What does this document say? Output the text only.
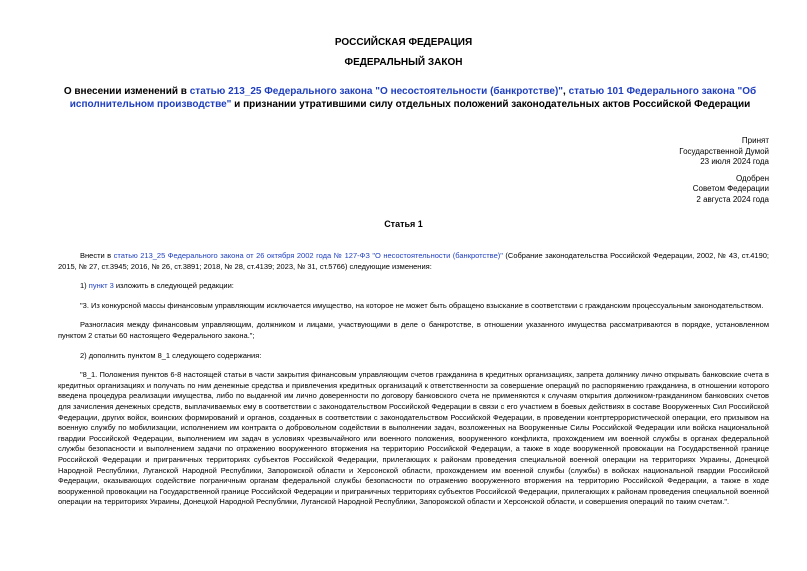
РОССИЙСКАЯ ФЕДЕРАЦИЯ
ФЕДЕРАЛЬНЫЙ ЗАКОН
О внесении изменений в статью 213_25 Федерального закона "О несостоятельности (банкротстве)", статью 101 Федерального закона "Об исполнительном производстве" и признании утратившими силу отдельных положений законодательных актов Российской Федерации
Принят
Государственной Думой
23 июля 2024 года
Одобрен
Советом Федерации
2 августа 2024 года
Статья 1

Внести в статью 213_25 Федерального закона от 26 октября 2002 года № 127-ФЗ "О несостоятельности (банкротстве)" (Собрание законодательства Российской Федерации, 2002, № 43, ст.4190; 2015, № 27, ст.3945; 2016, № 26, ст.3891; 2018, № 28, ст.4139; 2023, № 31, ст.5766) следующие изменения:

1) пункт 3 изложить в следующей редакции:

"3. Из конкурсной массы финансовым управляющим исключается имущество, на которое не может быть обращено взыскание в соответствии с гражданским процессуальным законодательством.

Разногласия между финансовым управляющим, должником и лицами, участвующими в деле о банкротстве, в отношении указанного имущества рассматриваются в порядке, установленном пунктом 2 статьи 60 настоящего Федерального закона.";

2) дополнить пунктом 8_1 следующего содержания:

"8_1. Положения пунктов 6-8 настоящей статьи в части закрытия финансовым управляющим счетов гражданина в кредитных организациях, запрета должнику лично открывать банковские счета в кредитных организациях и получать по ним денежные средства и привлечения кредитных организаций к ответственности за совершение операций по распоряжению гражданина, в отношении которого введена процедура реализации имущества, либо по выданной им лично доверенности по договору банковского счета не применяются к случаям открытия должником-гражданином банковских счетов для зачисления денежных средств, выплачиваемых ему в соответствии с законодательством Российской Федерации в связи с его участием в боевых действиях в составе Вооруженных Сил Российской Федерации, других войск, воинских формирований и органов, созданных в соответствии с законодательством Российской Федерации, в проведении контртеррористической операции, его призывом на военную службу по мобилизации, исполнением им контракта о добровольном содействии в выполнении задач, возложенных на Вооруженные Силы Российской Федерации или войска национальной гвардии Российской Федерации, выполнением им задач в условиях чрезвычайного или военного положения, вооруженного конфликта, прохождением им военной службы в органах федеральной службы безопасности и выполнением задачи по отражению вооруженного вторжения на территорию Российской Федерации, а также в ходе вооруженной провокации на Государственной границе Российской Федерации и приграничных территориях субъектов Российской Федерации, прилегающих к районам проведения специальной военной операции на территориях Украины, Донецкой Народной Республики, Луганской Народной Республики, Запорожской области и Херсонской области, прохождением им военной службы (службы) в войсках национальной гвардии Российской Федерации, оказывающих содействие пограничным органам федеральной службы безопасности по отражению вооруженного вторжения на территорию Российской Федерации, а также в ходе вооруженной провокации на Государственной границе Российской Федерации и приграничных территориях субъектов Российской Федерации, прилегающих к районам проведения специальной военной операции на территориях Украины, Донецкой Народной Республики, Луганской Народной Республики, Запорожской области и Херсонской области, и совершения операций по таким счетам.".
